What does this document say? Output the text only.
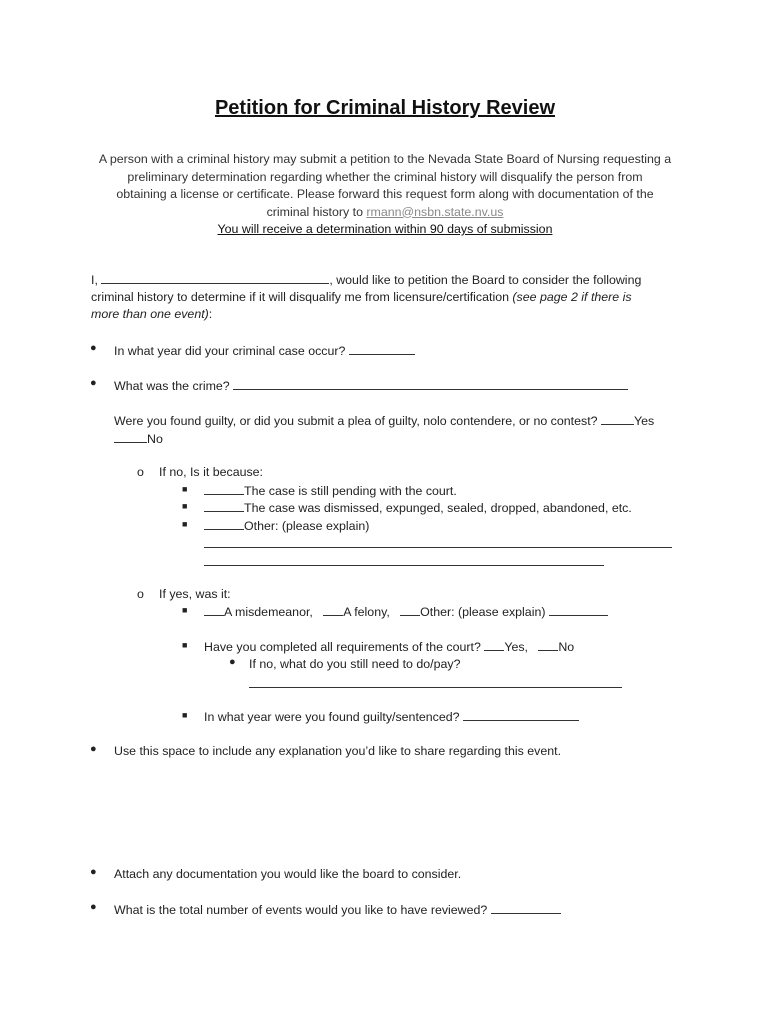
Petition for Criminal History Review
A person with a criminal history may submit a petition to the Nevada State Board of Nursing requesting a
preliminary determination regarding whether the criminal history will disqualify the person from
obtaining a license or certificate. Please forward this request form along with documentation of the
criminal history to rmann@nsbn.state.nv.us
You will receive a determination within 90 days of submission
I,	, would like to petition the Board to consider the following
criminal history to determine if it will disqualify me from licensure/certification (see page 2 if there is
more than one event):
● In what year did your criminal case occur?
● What was the crime?
Were you found guilty, or did you submit a plea of guilty, nolo contendere, or no contest?	Yes
No
o If no, Is it because:
■	The case is still pending with the court.
■	The case was dismissed, expunged, sealed, dropped, abandoned, etc.
■	Other: (please explain)
o If yes, was it:
■	A misdemeanor, A felony, Other: (please explain)
■ Have you completed all requirements of the court? Yes, No
● If no, what do you still need to do/pay?
■ In what year were you found guilty/sentenced?
● Use this space to include any explanation you’d like to share regarding this event.
● Attach any documentation you would like the board to consider.
● What is the total number of events would you like to have reviewed?
